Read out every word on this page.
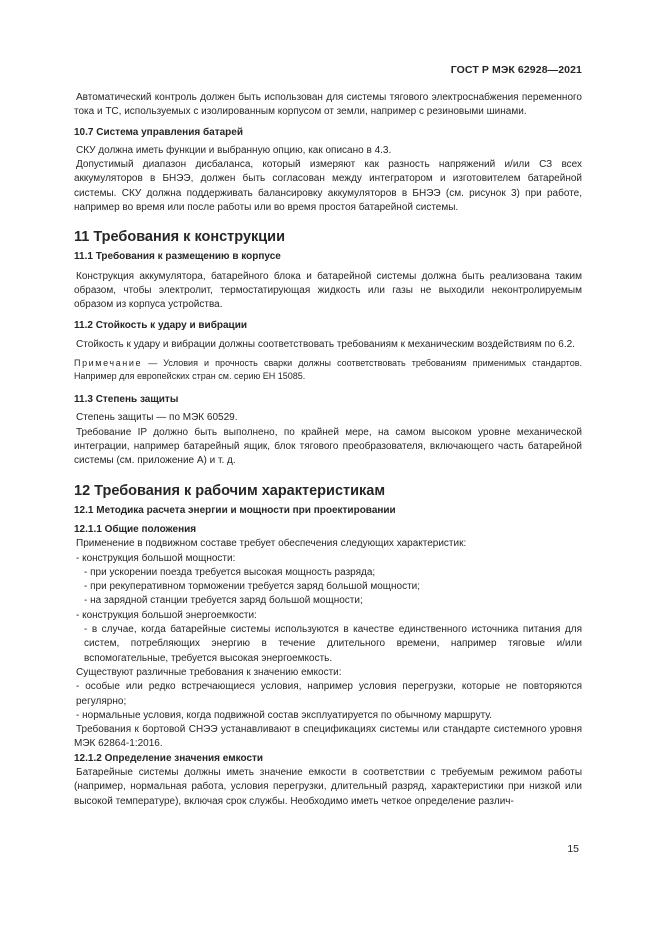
ГОСТ Р МЭК 62928—2021

Автоматический контроль должен быть использован для системы тягового электроснабжения переменного тока и ТС, используемых с изолированным корпусом от земли, например с резиновыми шинами.

10.7 Система управления батарей

СКУ должна иметь функции и выбранную опцию, как описано в 4.3.

Допустимый диапазон дисбаланса, который измеряют как разность напряжений и/или СЗ всех аккумуляторов в БНЭЭ, должен быть согласован между интегратором и изготовителем батарейной системы. СКУ должна поддерживать балансировку аккумуляторов в БНЭЭ (см. рисунок 3) при работе, например во время или после работы или во время простоя батарейной системы.

11 Требования к конструкции

11.1 Требования к размещению в корпусе

Конструкция аккумулятора, батарейного блока и батарейной системы должна быть реализована таким образом, чтобы электролит, термостатирующая жидкость или газы не выходили неконтролируемым образом из корпуса устройства.

11.2 Стойкость к удару и вибрации

Стойкость к удару и вибрации должны соответствовать требованиям к механическим воздействиям по 6.2.

Примечание — Условия и прочность сварки должны соответствовать требованиям применимых стандартов. Например для европейских стран см. серию ЕН 15085.

11.3 Степень защиты

Степень защиты — по МЭК 60529.

Требование IP должно быть выполнено, по крайней мере, на самом высоком уровне механической интеграции, например батарейный ящик, блок тягового преобразователя, включающего часть батарейной системы (см. приложение А) и т. д.

12 Требования к рабочим характеристикам

12.1 Методика расчета энергии и мощности при проектировании

12.1.1 Общие положения

Применение в подвижном составе требует обеспечения следующих характеристик:

- конструкция большой мощности:

- при ускорении поезда требуется высокая мощность разряда;

- при рекуперативном торможении требуется заряд большой мощности;

- на зарядной станции требуется заряд большой мощности;

- конструкция большой энергоемкости:

- в случае, когда батарейные системы используются в качестве единственного источника питания для систем, потребляющих энергию в течение длительного времени, например тяговые и/или вспомогательные, требуется высокая энергоемкость.

Существуют различные требования к значению емкости:

- особые или редко встречающиеся условия, например условия перегрузки, которые не повторяются регулярно;

- нормальные условия, когда подвижной состав эксплуатируется по обычному маршруту.

Требования к бортовой СНЭЭ устанавливают в спецификациях системы или стандарте системного уровня МЭК 62864-1:2016.

12.1.2 Определение значения емкости

Батарейные системы должны иметь значение емкости в соответствии с требуемым режимом работы (например, нормальная работа, условия перегрузки, длительный разряд, характеристики при низкой или высокой температуре), включая срок службы. Необходимо иметь четкое определение различ-

15
